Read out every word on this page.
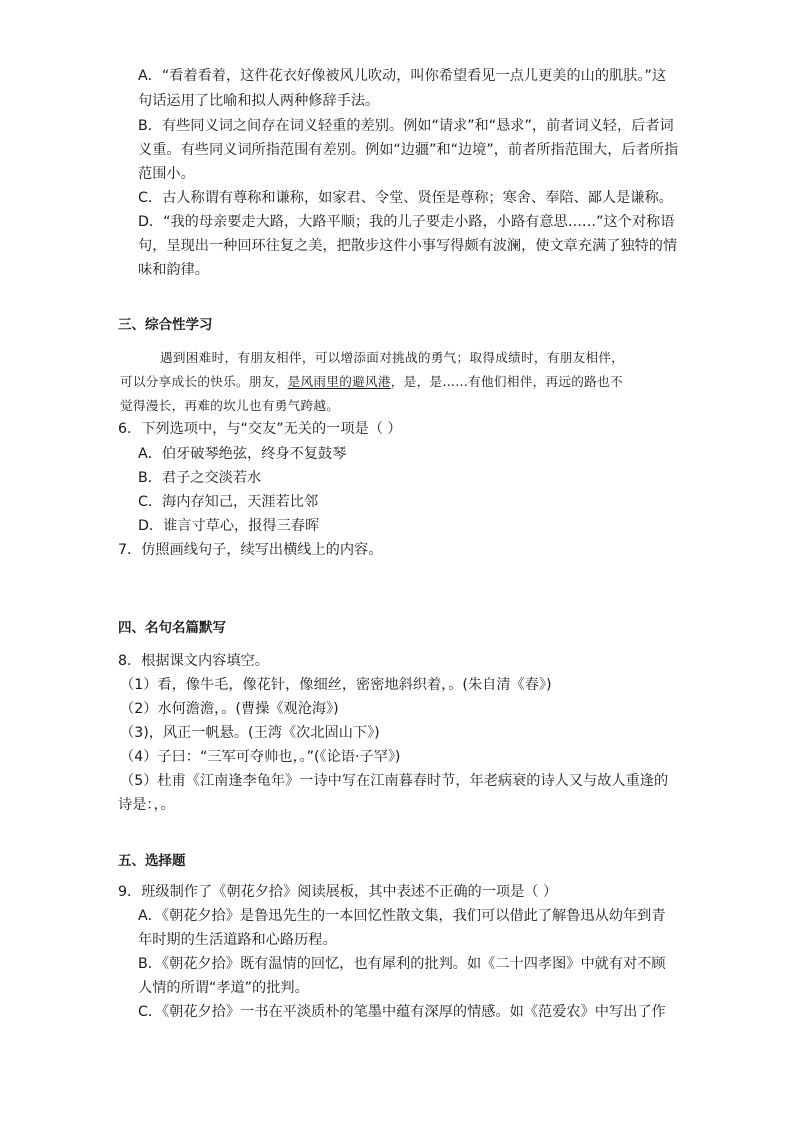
A．“看着看着，这件花衣好像被风儿吹动，叫你希望看见一点儿更美的山的肌肤。”这
句话运用了比喻和拟人两种修辞手法。
B．有些同义词之间存在词义轻重的差别。例如“请求”和“恳求”，前者词义轻，后者词
义重。有些同义词所指范围有差别。例如“边疆”和“边境”，前者所指范围大，后者所指
范围小。
C．古人称谓有尊称和谦称，如家君、令堂、贤侄是尊称；寒舍、奉陪、鄙人是谦称。
D．“我的母亲要走大路，大路平顺；我的儿子要走小路，小路有意思……”这个对称语
句，呈现出一种回环往复之美，把散步这件小事写得颇有波澜，使文章充满了独特的情
味和韵律。
三、综合性学习
遇到困难时，有朋友相伴，可以增添面对挑战的勇气；取得成绩时，有朋友相伴，
可以分享成长的快乐。朋友，是风雨里的避风港，是，是……有他们相伴，再远的路也不
觉得漫长，再难的坎儿也有勇气跨越。
6．下列选项中，与“交友”无关的一项是（ ）
A．伯牙破琴绝弦，终身不复鼓琴
B．君子之交淡若水
C．海内存知己，天涯若比邻
D．谁言寸草心，报得三春晖
7．仿照画线句子，续写出横线上的内容。
四、名句名篇默写
8．根据课文内容填空。
（1）看，像牛毛，像花针，像细丝，密密地斜织着，。(朱自清《春》)
（2）水何澹澹，。(曹操《观沧海》)
（3)，风正一帆悬。(王湾《次北固山下》)
（4）子曰：“三军可夺帅也，。”(《论语·子罕》)
（5）杜甫《江南逢李龟年》一诗中写在江南暮春时节，年老病衰的诗人又与故人重逢的
诗是：，。
五、选择题
9．班级制作了《朝花夕拾》阅读展板，其中表述不正确的一项是（ ）
A．《朝花夕拾》是鲁迅先生的一本回忆性散文集，我们可以借此了解鲁迅从幼年到青
年时期的生活道路和心路历程。
B．《朝花夕拾》既有温情的回忆，也有犀利的批判。如《二十四孝图》中就有对不顾
人情的所谓“孝道”的批判。
C．《朝花夕拾》一书在平淡质朴的笔墨中蕴有深厚的情感。如《范爱农》中写出了作
